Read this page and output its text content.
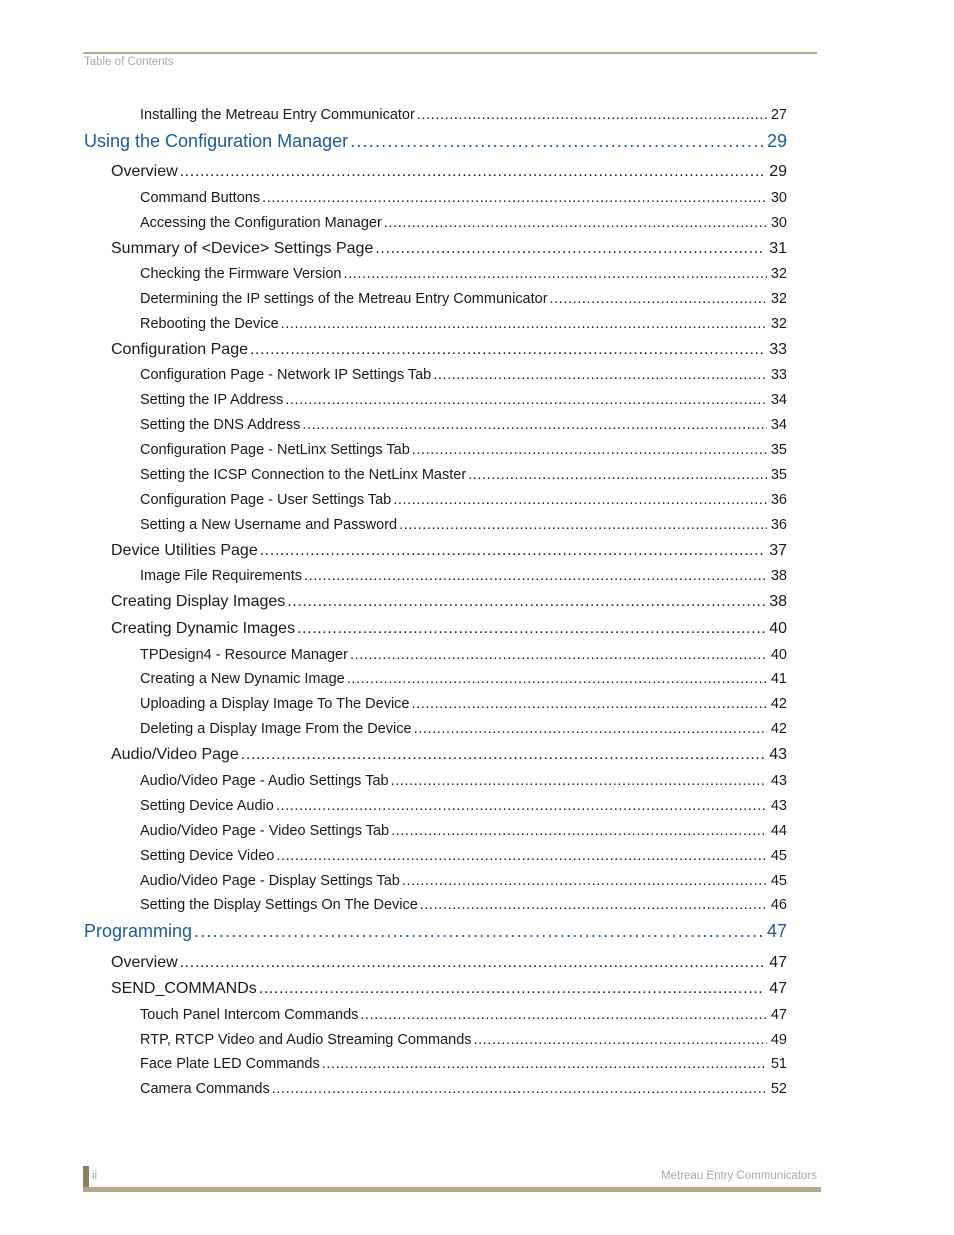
Table of Contents
Installing the Metreau Entry Communicator .....	27
Using the Configuration Manager .....	29
Overview .....	29
Command Buttons .....	30
Accessing the Configuration Manager .....	30
Summary of <Device> Settings Page .....	31
Checking the Firmware Version .....	32
Determining the IP settings of the Metreau Entry Communicator .....	32
Rebooting the Device .....	32
Configuration Page .....	33
Configuration Page - Network IP Settings Tab .....	33
Setting the IP Address .....	34
Setting the DNS Address .....	34
Configuration Page - NetLinx Settings Tab .....	35
Setting the ICSP Connection to the NetLinx Master .....	35
Configuration Page - User Settings Tab .....	36
Setting a New Username and Password .....	36
Device Utilities Page .....	37
Image File Requirements .....	38
Creating Display Images .....	38
Creating Dynamic Images .....	40
TPDesign4 - Resource Manager .....	40
Creating a New Dynamic Image .....	41
Uploading a Display Image To The Device .....	42
Deleting a Display Image From the Device .....	42
Audio/Video Page .....	43
Audio/Video Page - Audio Settings Tab .....	43
Setting Device Audio .....	43
Audio/Video Page - Video Settings Tab .....	44
Setting Device Video .....	45
Audio/Video Page - Display Settings Tab .....	45
Setting the Display Settings On The Device .....	46
Programming .....	47
Overview .....	47
SEND_COMMANDs .....	47
Touch Panel Intercom Commands .....	47
RTP, RTCP Video and Audio Streaming Commands .....	49
Face Plate LED Commands .....	51
Camera Commands .....	52
ii	Metreau Entry Communicators
